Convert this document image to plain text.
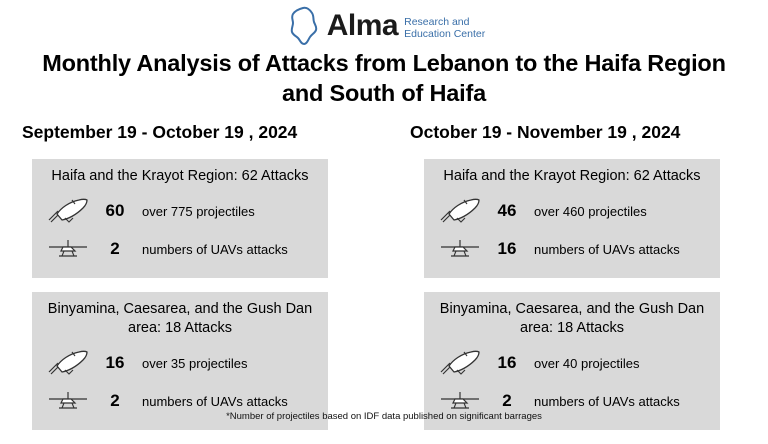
Alma Research and
Education Center
Monthly Analysis of Attacks from Lebanon to the Haifa Region and South of Haifa
September 19 - October 19 , 2024
Haifa and the Krayot Region: 62 Attacks
60	over 775 projectiles
2	numbers of UAVs attacks
Binyamina, Caesarea, and the Gush Dan area: 18 Attacks
16	over 35 projectiles
2	numbers of UAVs attacks
October 19 - November 19 , 2024
Haifa and the Krayot Region: 62 Attacks
46	over 460 projectiles
16	numbers of UAVs attacks
Binyamina, Caesarea, and the Gush Dan area: 18 Attacks
16	over 40 projectiles
2	numbers of UAVs attacks
*Number of projectiles based on IDF data published on significant barrages
